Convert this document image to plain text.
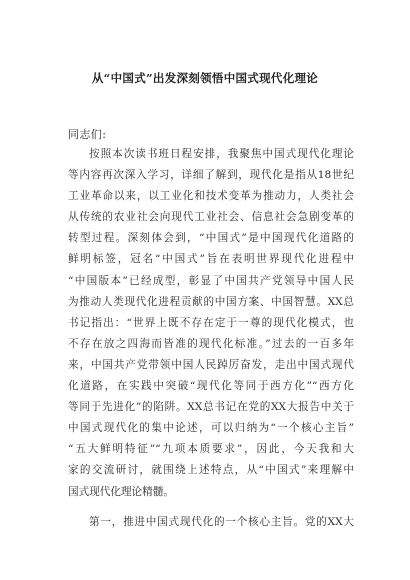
从“中国式”出发深刻领悟中国式现代化理论
同志们:
按照本次读书班日程安排，我聚焦中国式现代化理论
等内容再次深入学习，详细了解到，现代化是指从18世纪
工业革命以来，以工业化和技术变革为推动力，人类社会
从传统的农业社会向现代工业社会、信息社会急剧变革的
转型过程。深刻体会到，“中国式”是中国现代化道路的
鲜明标签，冠名“中国式”旨在表明世界现代化进程中
“中国版本”已经成型，彰显了中国共产党领导中国人民
为推动人类现代化进程贡献的中国方案、中国智慧。XX总
书记指出：“世界上既不存在定于一尊的现代化模式，也
不存在放之四海而皆准的现代化标准。”过去的一百多年
来，中国共产党带领中国人民踔厉奋发，走出中国式现代
化道路，在实践中突破“现代化等同于西方化”“西方化
等同于先进化”的陷阱。XX总书记在党的XX大报告中关于
中国式现代化的集中论述，可以归纳为“一个核心主旨”
“五大鲜明特征”“九项本质要求”，因此，今天我和大
家的交流研讨，就围绕上述特点，从“中国式”来理解中
国式现代化理论精髓。
第一，推进中国式现代化的一个核心主旨。党的XX大
